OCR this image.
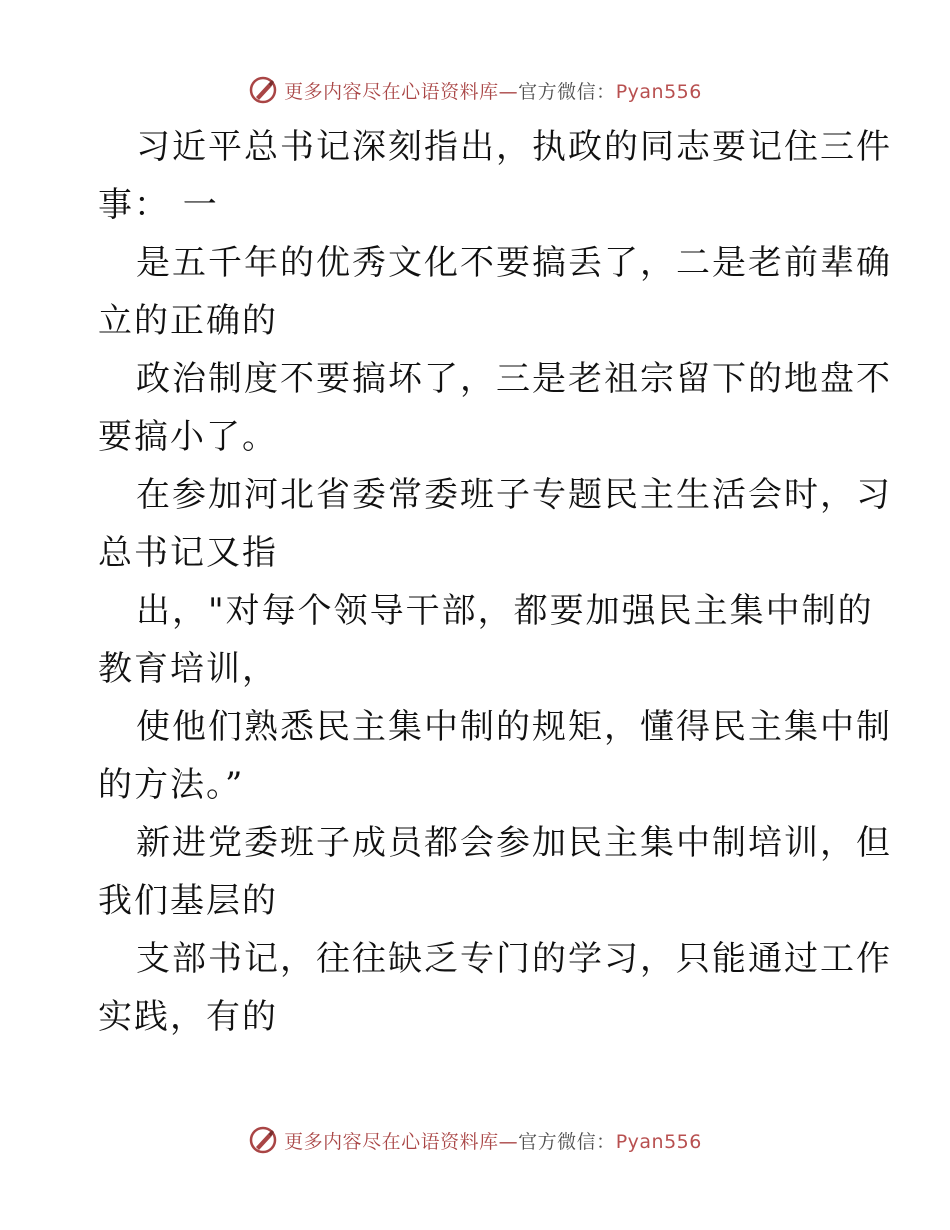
更多内容尽在心语资料库—官方微信：Pyan556
习近平总书记深刻指出，执政的同志要记住三件
事： 一
是五千年的优秀文化不要搞丢了，二是老前辈确
立的正确的
政治制度不要搞坏了，三是老祖宗留下的地盘不
要搞小了。
在参加河北省委常委班子专题民主生活会时，习
总书记又指
出，"对每个领导干部，都要加强民主集中制的
教育培训，
使他们熟悉民主集中制的规矩，懂得民主集中制
的方法。”
新进党委班子成员都会参加民主集中制培训，但
我们基层的
支部书记，往往缺乏专门的学习，只能通过工作
实践，有的
更多内容尽在心语资料库—官方微信：Pyan556
